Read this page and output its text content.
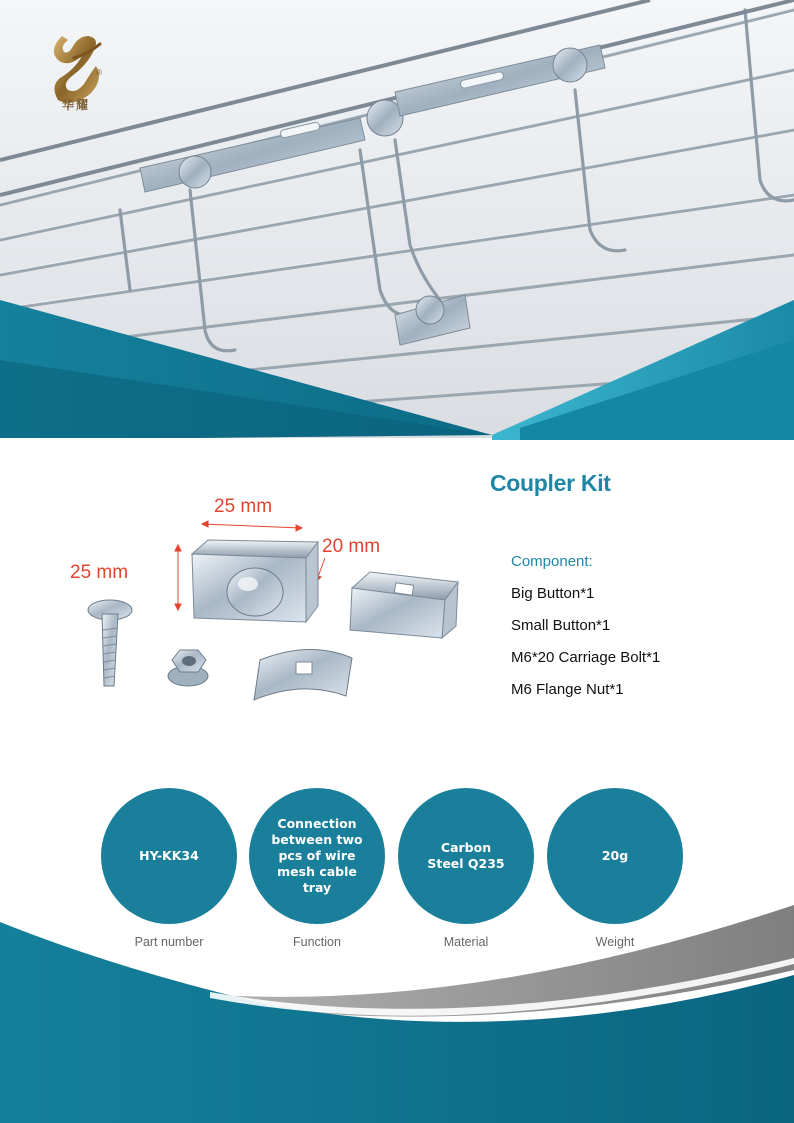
®
华耀
Coupler Kit
25 mm
20 mm
25 mm
Component:
Big Button*1
Small Button*1
M6*20 Carriage Bolt*1
M6 Flange Nut*1
HY-KK34
Part number
Connection between two pcs of wire mesh cable tray
Function
Carbon Steel Q235
Material
20g
Weight
